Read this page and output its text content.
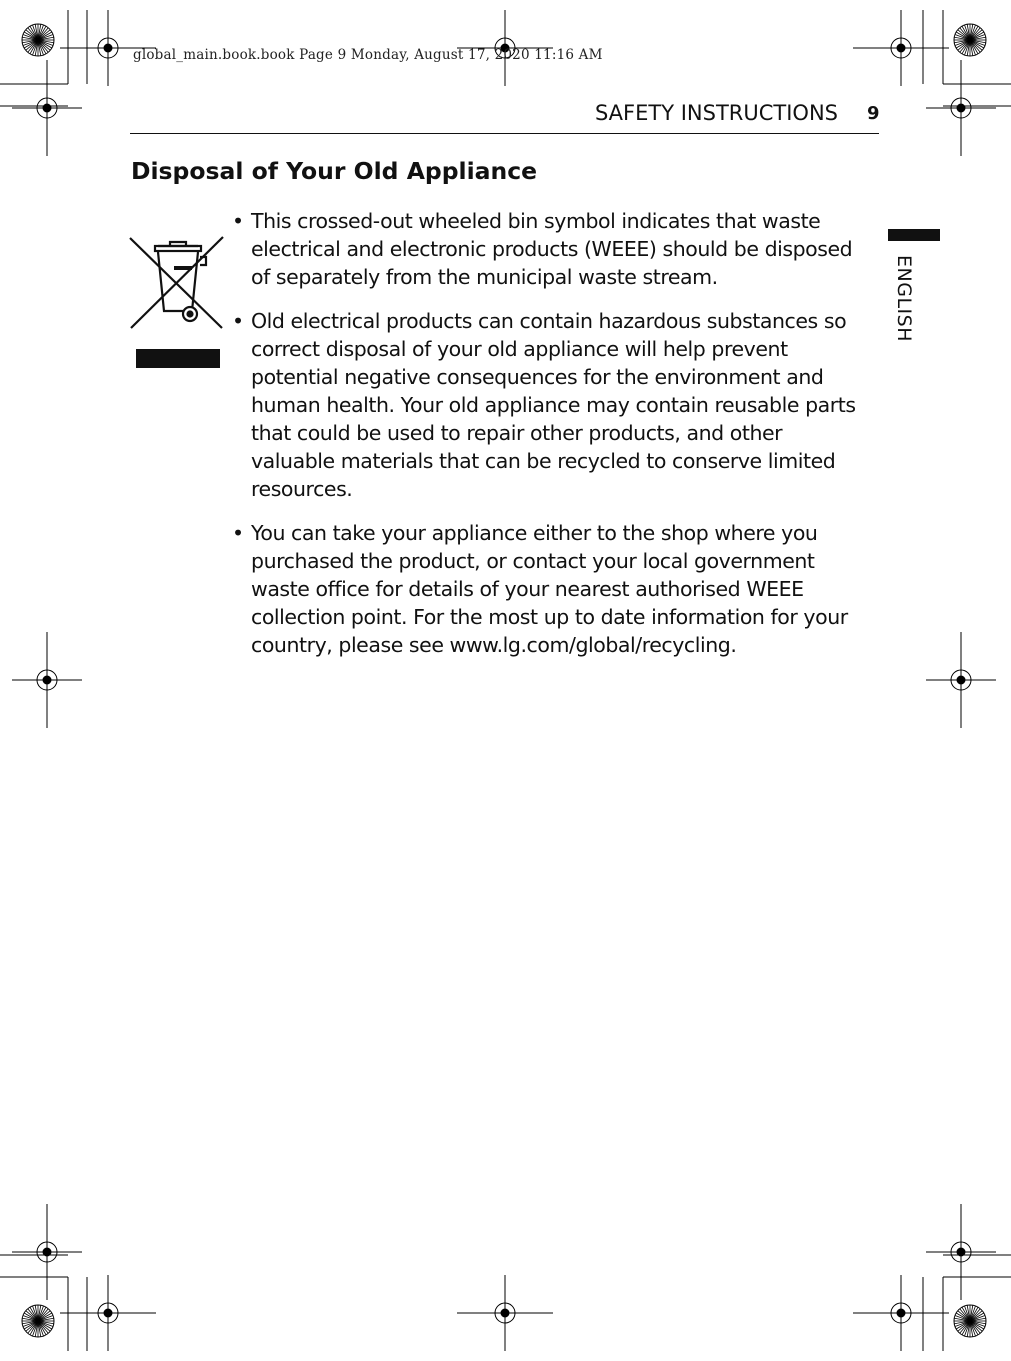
global_main.book.book Page 9 Monday, August 17, 2020 11:16 AM
SAFETY INSTRUCTIONS 9
ENGLISH
Disposal of Your Old Appliance
• This crossed-out wheeled bin symbol indicates that waste electrical and electronic products (WEEE) should be disposed of separately from the municipal waste stream.
• Old electrical products can contain hazardous substances so correct disposal of your old appliance will help prevent potential negative consequences for the environment and human health. Your old appliance may contain reusable parts that could be used to repair other products, and other valuable materials that can be recycled to conserve limited resources.
• You can take your appliance either to the shop where you purchased the product, or contact your local government waste office for details of your nearest authorised WEEE collection point. For the most up to date information for your country, please see www.lg.com/global/recycling.
